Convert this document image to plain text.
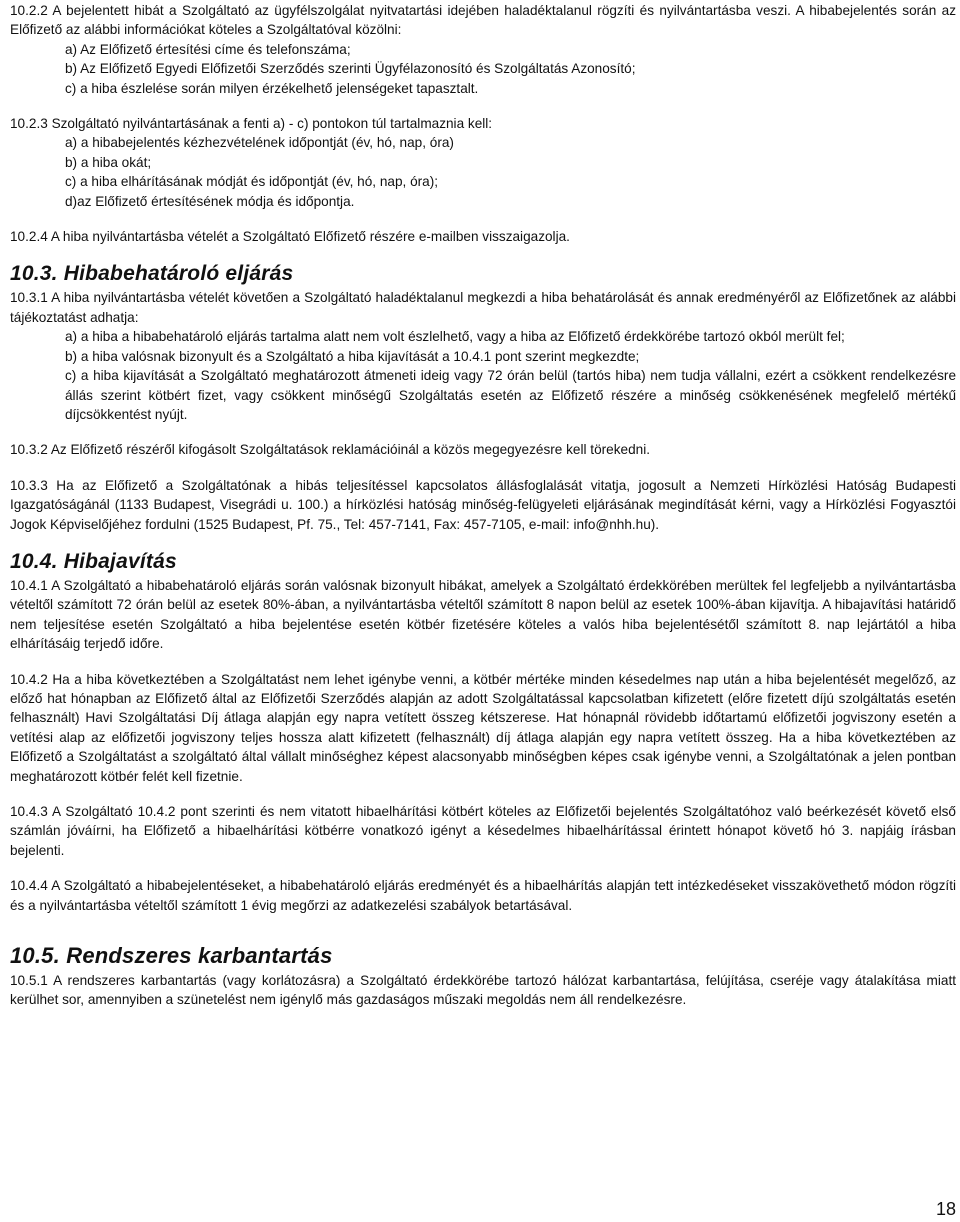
10.2.2 A bejelentett hibát a Szolgáltató az ügyfélszolgálat nyitvatartási idejében haladéktalanul rögzíti és nyilvántartásba veszi. A hibabejelentés során az Előfizető az alábbi információkat köteles a Szolgáltatóval közölni:

a) Az Előfizető értesítési címe és telefonszáma;

b) Az Előfizető Egyedi Előfizetői Szerződés szerinti Ügyfélazonosító és Szolgáltatás Azonosító;

c) a hiba észlelése során milyen érzékelhető jelenségeket tapasztalt.

10.2.3 Szolgáltató nyilvántartásának a fenti a) - c) pontokon túl tartalmaznia kell:

a) a hibabejelentés kézhezvételének időpontját (év, hó, nap, óra)

b) a hiba okát;

c) a hiba elhárításának módját és időpontját (év, hó, nap, óra);

d)az Előfizető értesítésének módja és időpontja.

10.2.4 A hiba nyilvántartásba vételét a Szolgáltató Előfizető részére e-mailben visszaigazolja.

10.3. Hibabehatároló eljárás

10.3.1 A hiba nyilvántartásba vételét követően a Szolgáltató haladéktalanul megkezdi a hiba behatárolását és annak eredményéről az Előfizetőnek az alábbi tájékoztatást adhatja:

a) a hiba a hibabehatároló eljárás tartalma alatt nem volt észlelhető, vagy a hiba az Előfizető érdekkörébe tartozó okból merült fel;

b) a hiba valósnak bizonyult és a Szolgáltató a hiba kijavítását a 10.4.1 pont szerint megkezdte;

c) a hiba kijavítását a Szolgáltató meghatározott átmeneti ideig vagy 72 órán belül (tartós hiba) nem tudja vállalni, ezért a csökkent rendelkezésre állás szerint kötbért fizet, vagy csökkent minőségű Szolgáltatás esetén az Előfizető részére a minőség csökkenésének megfelelő mértékű díjcsökkentést nyújt.

10.3.2 Az Előfizető részéről kifogásolt Szolgáltatások reklamációinál a közös megegyezésre kell törekedni.

10.3.3 Ha az Előfizető a Szolgáltatónak a hibás teljesítéssel kapcsolatos állásfoglalását vitatja, jogosult a Nemzeti Hírközlési Hatóság Budapesti Igazgatóságánál (1133 Budapest, Visegrádi u. 100.) a hírközlési hatóság minőség-felügyeleti eljárásának megindítását kérni, vagy a Hírközlési Fogyasztói Jogok Képviselőjéhez fordulni (1525 Budapest, Pf. 75., Tel: 457-7141, Fax: 457-7105, e-mail: info@nhh.hu).

10.4. Hibajavítás

10.4.1 A Szolgáltató a hibabehatároló eljárás során valósnak bizonyult hibákat, amelyek a Szolgáltató érdekkörében merültek fel legfeljebb a nyilvántartásba vételtől számított 72 órán belül az esetek 80%-ában, a nyilvántartásba vételtől számított 8 napon belül az esetek 100%-ában kijavítja. A hibajavítási határidő nem teljesítése esetén Szolgáltató a hiba bejelentése esetén kötbér fizetésére köteles a valós hiba bejelentésétől számított 8. nap lejártától a hiba elhárításáig terjedő időre.

10.4.2 Ha a hiba következtében a Szolgáltatást nem lehet igénybe venni, a kötbér mértéke minden késedelmes nap után a hiba bejelentését megelőző, az előző hat hónapban az Előfizető által az Előfizetői Szerződés alapján az adott Szolgáltatással kapcsolatban kifizetett (előre fizetett díjú szolgáltatás esetén felhasznált) Havi Szolgáltatási Díj átlaga alapján egy napra vetített összeg kétszerese. Hat hónapnál rövidebb időtartamú előfizetői jogviszony esetén a vetítési alap az előfizetői jogviszony teljes hossza alatt kifizetett (felhasznált) díj átlaga alapján egy napra vetített összeg. Ha a hiba következtében az Előfizető a Szolgáltatást a szolgáltató által vállalt minőséghez képest alacsonyabb minőségben képes csak igénybe venni, a Szolgáltatónak a jelen pontban meghatározott kötbér felét kell fizetnie.

10.4.3 A Szolgáltató 10.4.2 pont szerinti és nem vitatott hibaelhárítási kötbért köteles az Előfizetői bejelentés Szolgáltatóhoz való beérkezését követő első számlán jóváírni, ha Előfizető a hibaelhárítási kötbérre vonatkozó igényt a késedelmes hibaelhárítással érintett hónapot követő hó 3. napjáig írásban bejelenti.

10.4.4 A Szolgáltató a hibabejelentéseket, a hibabehatároló eljárás eredményét és a hibaelhárítás alapján tett intézkedéseket visszakövethető módon rögzíti és a nyilvántartásba vételtől számított 1 évig megőrzi az adatkezelési szabályok betartásával.

10.5. Rendszeres karbantartás

10.5.1 A rendszeres karbantartás (vagy korlátozásra) a Szolgáltató érdekkörébe tartozó hálózat karbantartása, felújítása, cseréje vagy átalakítása miatt kerülhet sor, amennyiben a szünetelést nem igénylő más gazdaságos műszaki megoldás nem áll rendelkezésre.

18
